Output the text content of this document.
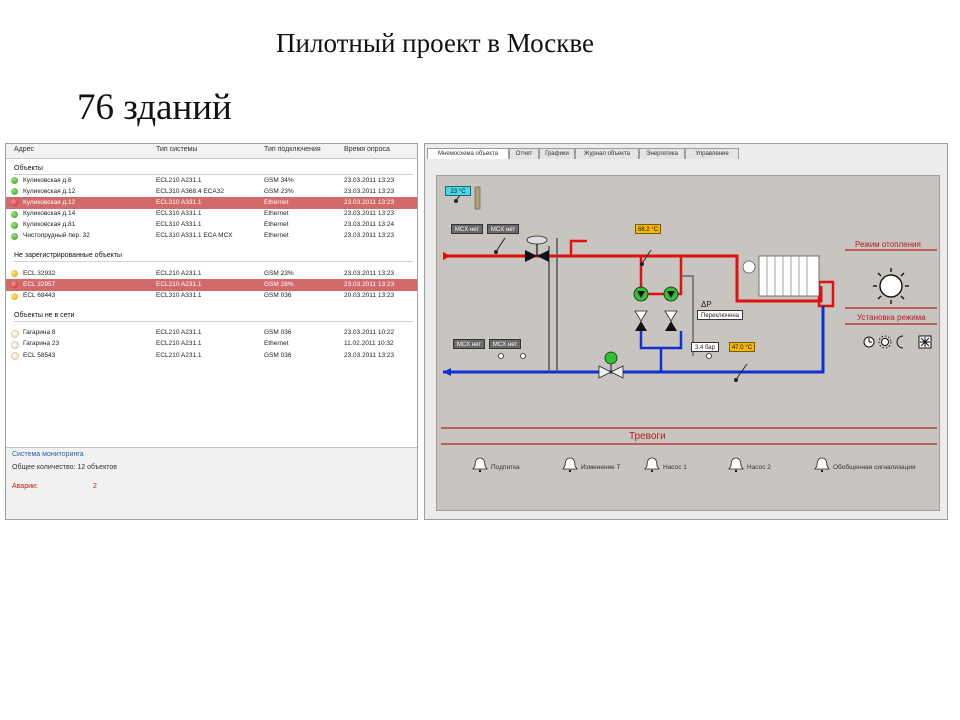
Пилотный проект в Москве
76 зданий
Адрес	Тип системы	Тип подключения	Время опроса
Объекты
Куликовская д.6	ECL210 A231.1	GSM 34%	23.03.2011 13:23
Куликовская д.12	ECL310 A368.4 ECA32	GSM 23%	23.03.2011 13:23
Куликовская д.12	ECL310 A331.1	Ethernet	23.03.2011 13:23
Куликовская д.14	ECL310 A331.1	Ethernet	23.03.2011 13:23
Куликовская д.81	ECL310 A331.1	Ethernet	23.03.2011 13:24
Чистопрудный пер. 32	ECL310 A331.1 ECA MCX	Ethernet	23.03.2011 13:23
Не зарегистрированные объекты
ECL 32932	ECL210 A231.1	GSM 23%	23.03.2011 13:23
ECL 32957	ECL210 A231.1	GSM 28%	23.03.2011 13:23
ECL 68443	ECL310 A331.1	GSM 036	20.03.2011 13:23
Объекты не в сети
Гагарина 8	ECL210 A231.1	GSM 036	23.03.2011 10:22
Гагарина 23	ECL210 A231.1	Ethernet	11.02.2011 10:32
ECL 58543	ECL210 A231.1	GSM 036	23.03.2011 13:23
Система мониторинга
Общее количество: 12 объектов
Аварии:	2
Мнемосхема объекта	Отчет	Графики	Журнал объекта	Энергетика	Управление
23 °C
MCX нет	MCX нет
MCX нет	MCX нет
68.2 °C
ΔP
Переключена
3.4 бар	47.0 °C
Режим отопления
Установка режима
Тревоги
Подпитка	Изменение T	Насос 1	Насос 2	Обобщенная сигнализация
